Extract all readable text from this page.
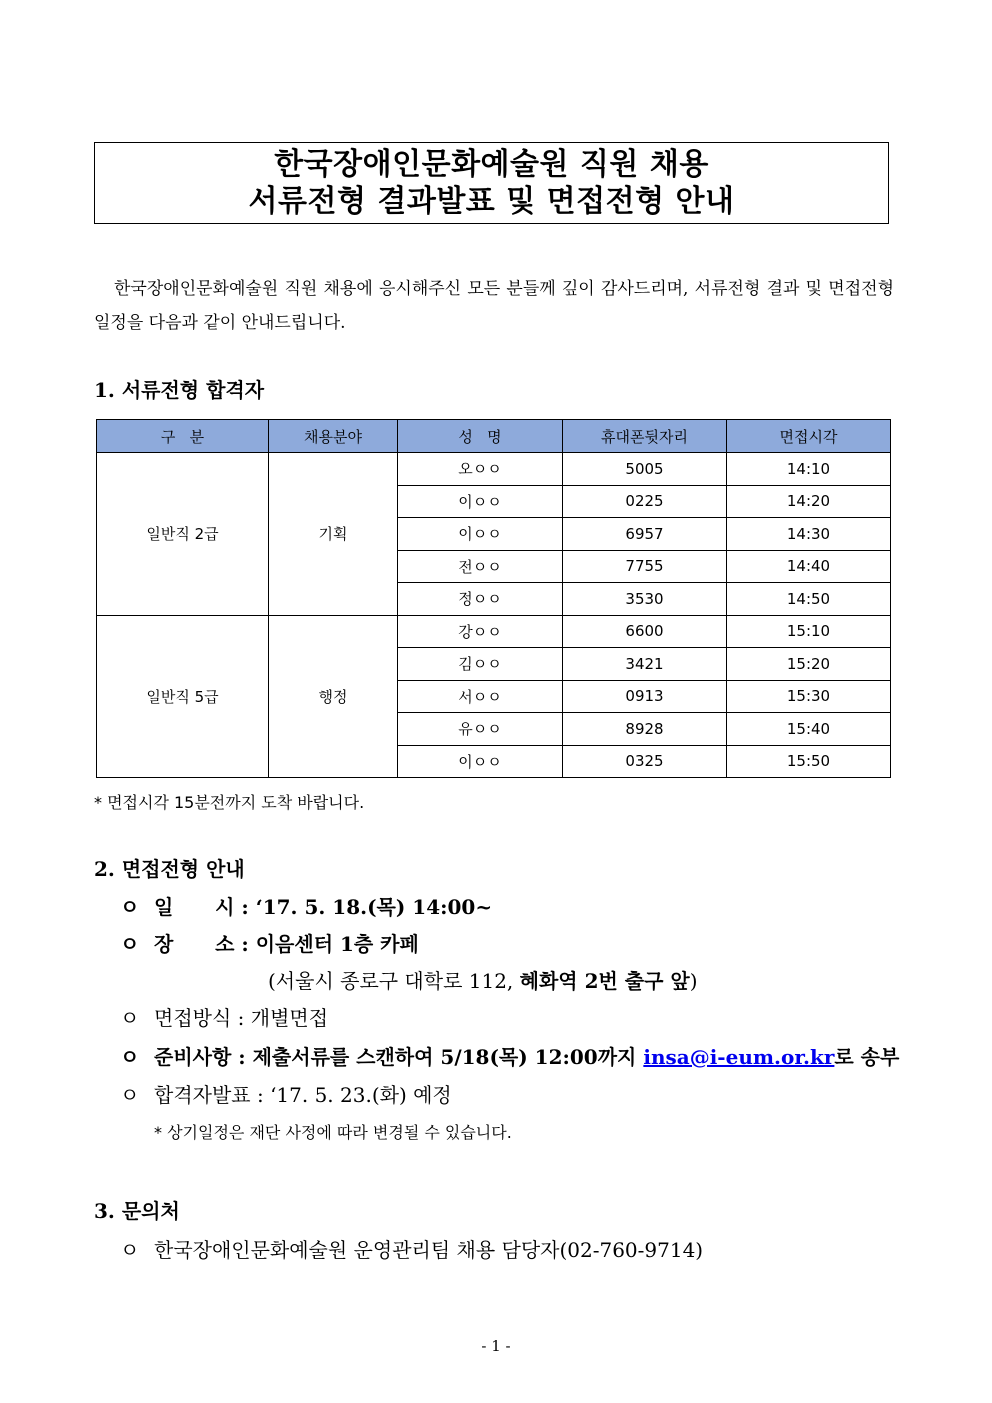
한국장애인문화예술원 직원 채용
서류전형 결과발표 및 면접전형 안내
한국장애인문화예술원 직원 채용에 응시해주신 모든 분들께 깊이 감사드리며, 서류전형 결과 및 면접전형 일정을 다음과 같이 안내드립니다.
1. 서류전형 합격자
구   분	채용분야	성   명	휴대폰뒷자리	면접시각
일반직 2급	기획	오ㅇㅇ	5005	14:10
		이ㅇㅇ	0225	14:20
		이ㅇㅇ	6957	14:30
		전ㅇㅇ	7755	14:40
		정ㅇㅇ	3530	14:50
일반직 5급	행정	강ㅇㅇ	6600	15:10
		김ㅇㅇ	3421	15:20
		서ㅇㅇ	0913	15:30
		유ㅇㅇ	8928	15:40
		이ㅇㅇ	0325	15:50
* 면접시각 15분전까지 도착 바랍니다.
2. 면접전형 안내
ㅇ 일      시 : ‘17. 5. 18.(목) 14:00~
ㅇ 장      소 : 이음센터 1층 카페
(서울시 종로구 대학로 112, 혜화역 2번 출구 앞)
ㅇ 면접방식 : 개별면접
ㅇ 준비사항 : 제출서류를 스캔하여 5/18(목) 12:00까지 insa@i-eum.or.kr로 송부
ㅇ 합격자발표 : ‘17. 5. 23.(화) 예정
* 상기일정은 재단 사정에 따라 변경될 수 있습니다.
3. 문의처
ㅇ 한국장애인문화예술원 운영관리팀 채용 담당자(02-760-9714)
- 1 -
